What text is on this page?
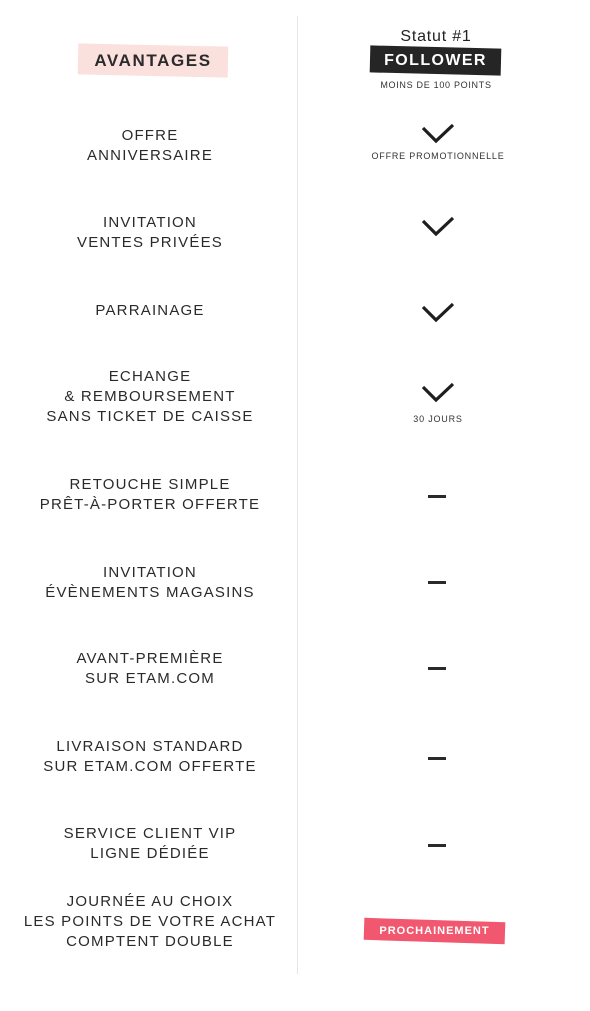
AVANTAGES
Statut #1
FOLLOWER
MOINS DE 100 POINTS
OFFRE
ANNIVERSAIRE	OFFRE PROMOTIONNELLE
INVITATION
VENTES PRIVÉES
PARRAINAGE
ECHANGE
& REMBOURSEMENT
SANS TICKET DE CAISSE	30 JOURS
RETOUCHE SIMPLE
PRÊT-À-PORTER OFFERTE
INVITATION
ÉVÈNEMENTS MAGASINS
AVANT-PREMIÈRE
SUR ETAM.COM
LIVRAISON STANDARD
SUR ETAM.COM OFFERTE
SERVICE CLIENT VIP
LIGNE DÉDIÉE
JOURNÉE AU CHOIX
LES POINTS DE VOTRE ACHAT
COMPTENT DOUBLE
PROCHAINEMENT
